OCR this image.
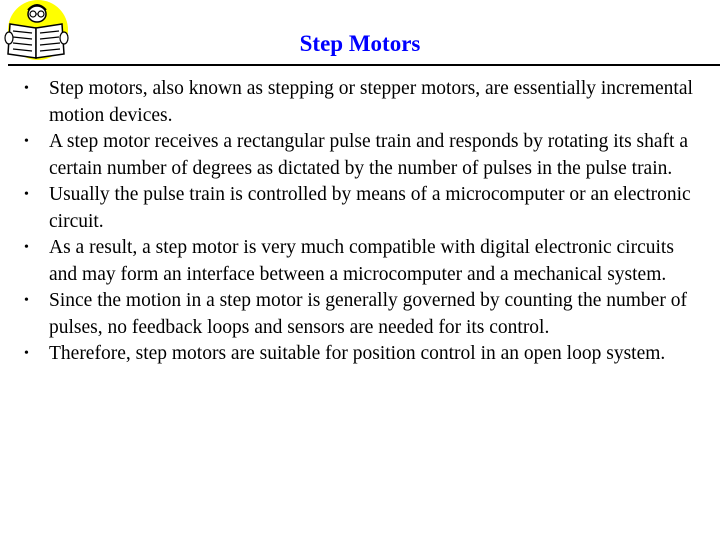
Step Motors
• Step motors, also known as stepping or stepper motors, are essentially incremental motion devices.
• A step motor receives a rectangular pulse train and responds by rotating its shaft a certain number of degrees as dictated by the number of pulses in the pulse train.
• Usually the pulse train is controlled by means of a microcomputer or an electronic circuit.
• As a result, a step motor is very much compatible with digital electronic circuits and may form an interface between a microcomputer and a mechanical system.
• Since the motion in a step motor is generally governed by counting the number of pulses, no feedback loops and sensors are needed for its control.
• Therefore, step motors are suitable for position control in an open loop system.
